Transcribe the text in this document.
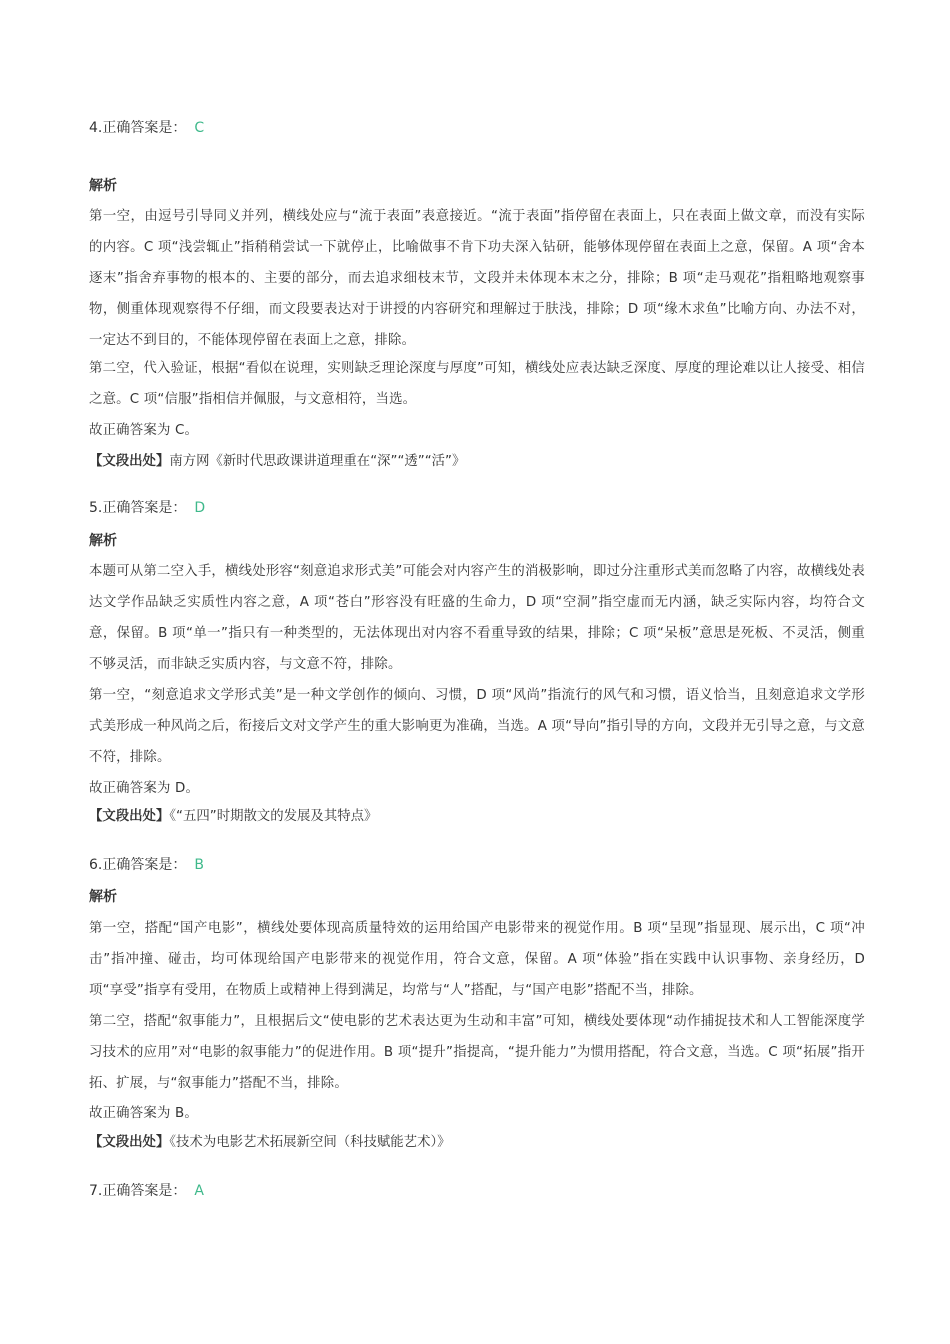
4.正确答案是： C
解析
第一空，由逗号引导同义并列，横线处应与“流于表面”表意接近。“流于表面”指停留在表面上，只在表面上做文章，而没有实际的内容。C 项“浅尝辄止”指稍稍尝试一下就停止，比喻做事不肯下功夫深入钻研，能够体现停留在表面上之意，保留。A 项“舍本逐末”指舍弃事物的根本的、主要的部分，而去追求细枝末节，文段并未体现本末之分，排除；B 项“走马观花”指粗略地观察事物，侧重体现观察得不仔细，而文段要表达对于讲授的内容研究和理解过于肤浅，排除；D 项“缘木求鱼”比喻方向、办法不对，一定达不到目的，不能体现停留在表面上之意，排除。
第二空，代入验证，根据“看似在说理，实则缺乏理论深度与厚度”可知，横线处应表达缺乏深度、厚度的理论难以让人接受、相信之意。C 项“信服”指相信并佩服，与文意相符，当选。
故正确答案为 C。
【文段出处】南方网《新时代思政课讲道理重在“深”“透”“活”》
5.正确答案是： D
解析
本题可从第二空入手，横线处形容“刻意追求形式美”可能会对内容产生的消极影响，即过分注重形式美而忽略了内容，故横线处表达文学作品缺乏实质性内容之意，A 项“苍白”形容没有旺盛的生命力，D 项“空洞”指空虚而无内涵，缺乏实际内容，均符合文意，保留。B 项“单一”指只有一种类型的，无法体现出对内容不看重导致的结果，排除；C 项“呆板”意思是死板、不灵活，侧重不够灵活，而非缺乏实质内容，与文意不符，排除。
第一空，“刻意追求文学形式美”是一种文学创作的倾向、习惯，D 项“风尚”指流行的风气和习惯，语义恰当，且刻意追求文学形式美形成一种风尚之后，衔接后文对文学产生的重大影响更为准确，当选。A 项“导向”指引导的方向，文段并无引导之意，与文意不符，排除。
故正确答案为 D。
【文段出处】《“五四”时期散文的发展及其特点》
6.正确答案是： B
解析
第一空，搭配“国产电影”，横线处要体现高质量特效的运用给国产电影带来的视觉作用。B 项“呈现”指显现、展示出，C 项“冲击”指冲撞、碰击，均可体现给国产电影带来的视觉作用，符合文意，保留。A 项“体验”指在实践中认识事物、亲身经历，D 项“享受”指享有受用，在物质上或精神上得到满足，均常与“人”搭配，与“国产电影”搭配不当，排除。
第二空，搭配“叙事能力”，且根据后文“使电影的艺术表达更为生动和丰富”可知，横线处要体现“动作捕捉技术和人工智能深度学习技术的应用”对“电影的叙事能力”的促进作用。B 项“提升”指提高，“提升能力”为惯用搭配，符合文意，当选。C 项“拓展”指开拓、扩展，与“叙事能力”搭配不当，排除。
故正确答案为 B。
【文段出处】《技术为电影艺术拓展新空间（科技赋能艺术）》
7.正确答案是： A
